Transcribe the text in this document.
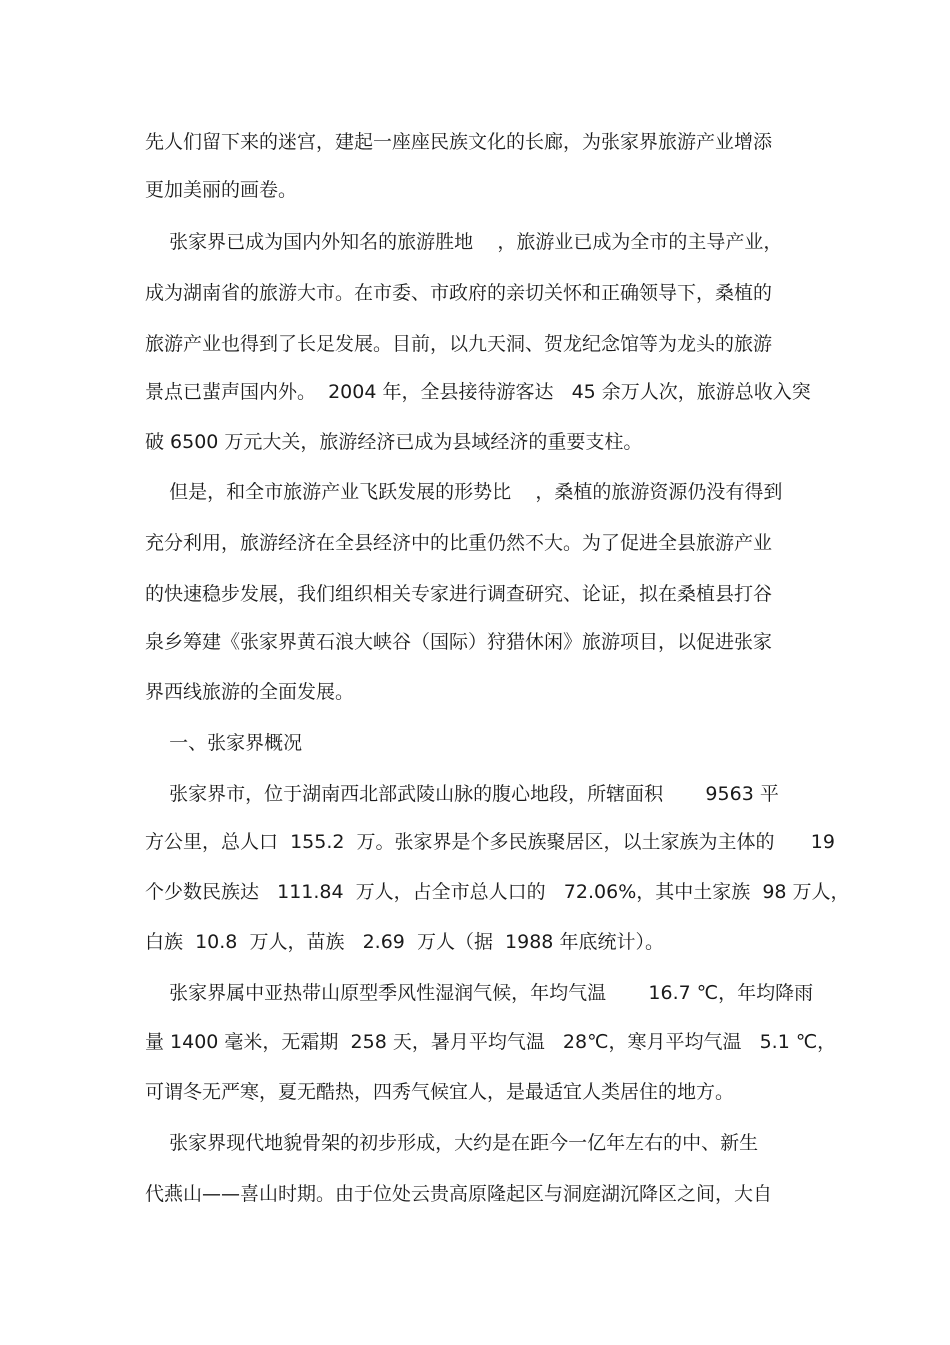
先人们留下来的迷宫，建起一座座民族文化的长廊，为张家界旅游产业增添
更加美丽的画卷。
张家界已成为国内外知名的旅游胜地    ，旅游业已成为全市的主导产业，
成为湖南省的旅游大市。在市委、市政府的亲切关怀和正确领导下，桑植的
旅游产业也得到了长足发展。目前，以九天洞、贺龙纪念馆等为龙头的旅游
景点已蜚声国内外。  2004 年，全县接待游客达   45 余万人次，旅游总收入突
破 6500 万元大关，旅游经济已成为县域经济的重要支柱。
但是，和全市旅游产业飞跃发展的形势比    ，桑植的旅游资源仍没有得到
充分利用，旅游经济在全县经济中的比重仍然不大。为了促进全县旅游产业
的快速稳步发展，我们组织相关专家进行调查研究、论证，拟在桑植县打谷
泉乡筹建《张家界黄石浪大峡谷（国际）狩猎休闲》旅游项目，以促进张家
界西线旅游的全面发展。
一、张家界概况
张家界市，位于湖南西北部武陵山脉的腹心地段，所辖面积       9563 平
方公里，总人口  155.2  万。张家界是个多民族聚居区，以土家族为主体的      19
个少数民族达   111.84  万人，占全市总人口的   72.06%，其中土家族  98 万人，
白族  10.8  万人，苗族   2.69  万人（据  1988 年底统计）。
张家界属中亚热带山原型季风性湿润气候，年均气温       16.7 ℃，年均降雨
量 1400 毫米，无霜期  258 天，暑月平均气温   28℃，寒月平均气温   5.1 ℃，
可谓冬无严寒，夏无酷热，四秀气候宜人，是最适宜人类居住的地方。
张家界现代地貌骨架的初步形成，大约是在距今一亿年左右的中、新生
代燕山——喜山时期。由于位处云贵高原隆起区与洞庭湖沉降区之间，大自
